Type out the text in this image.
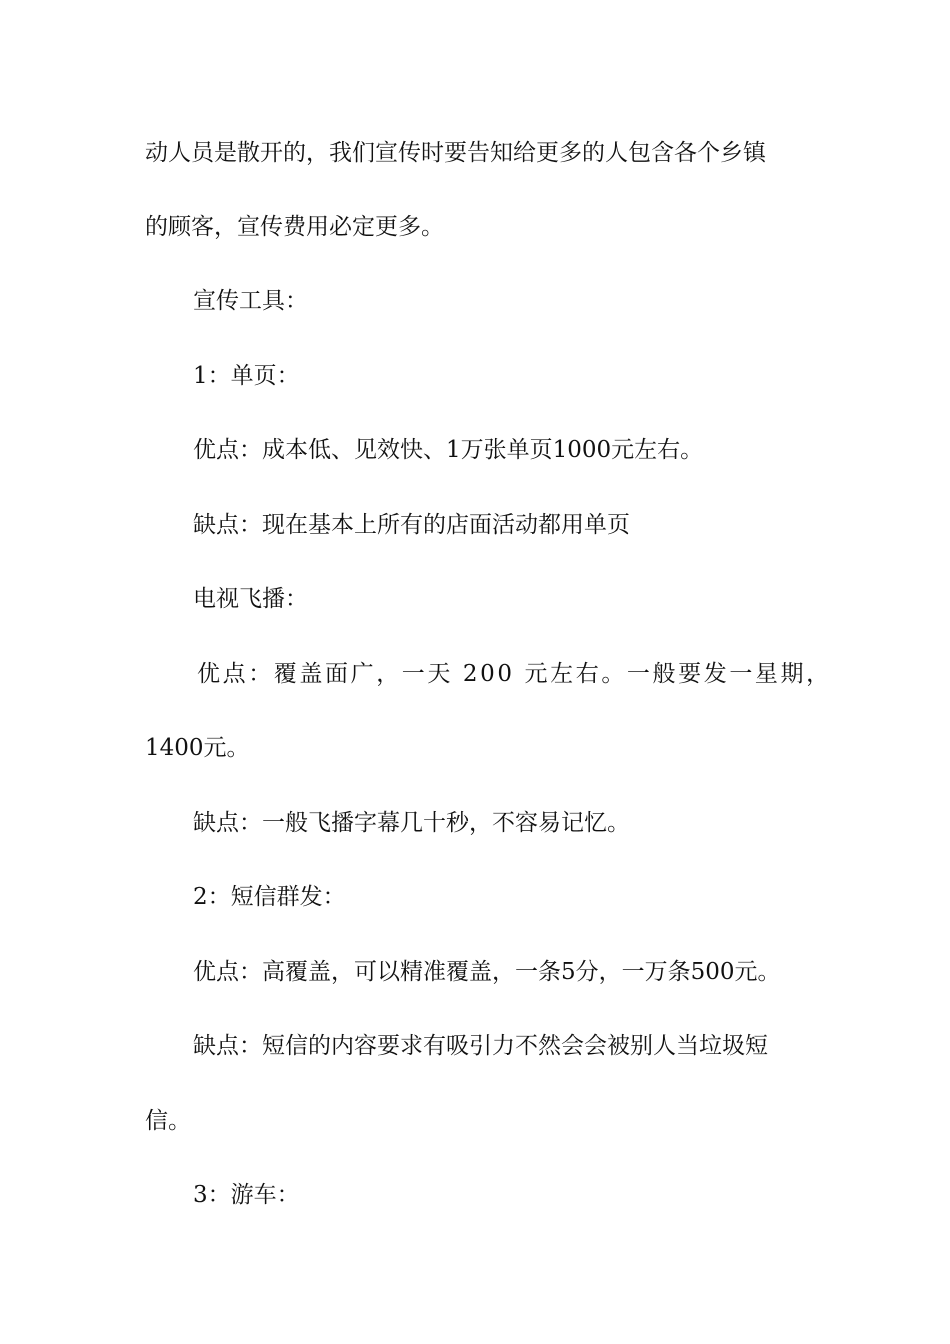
动人员是散开的，我们宣传时要告知给更多的人包含各个乡镇

的顾客，宣传费用必定更多。

宣传工具：

1：单页：

优点：成本低、见效快、1万张单页1000元左右。

缺点：现在基本上所有的店面活动都用单页

电视飞播：

优点：覆盖面广，一天 200 元左右。一般要发一星期，

1400元。

缺点：一般飞播字幕几十秒，不容易记忆。

2：短信群发：

优点：高覆盖，可以精准覆盖，一条5分，一万条500元。

缺点：短信的内容要求有吸引力不然会会被别人当垃圾短

信。

3：游车：
